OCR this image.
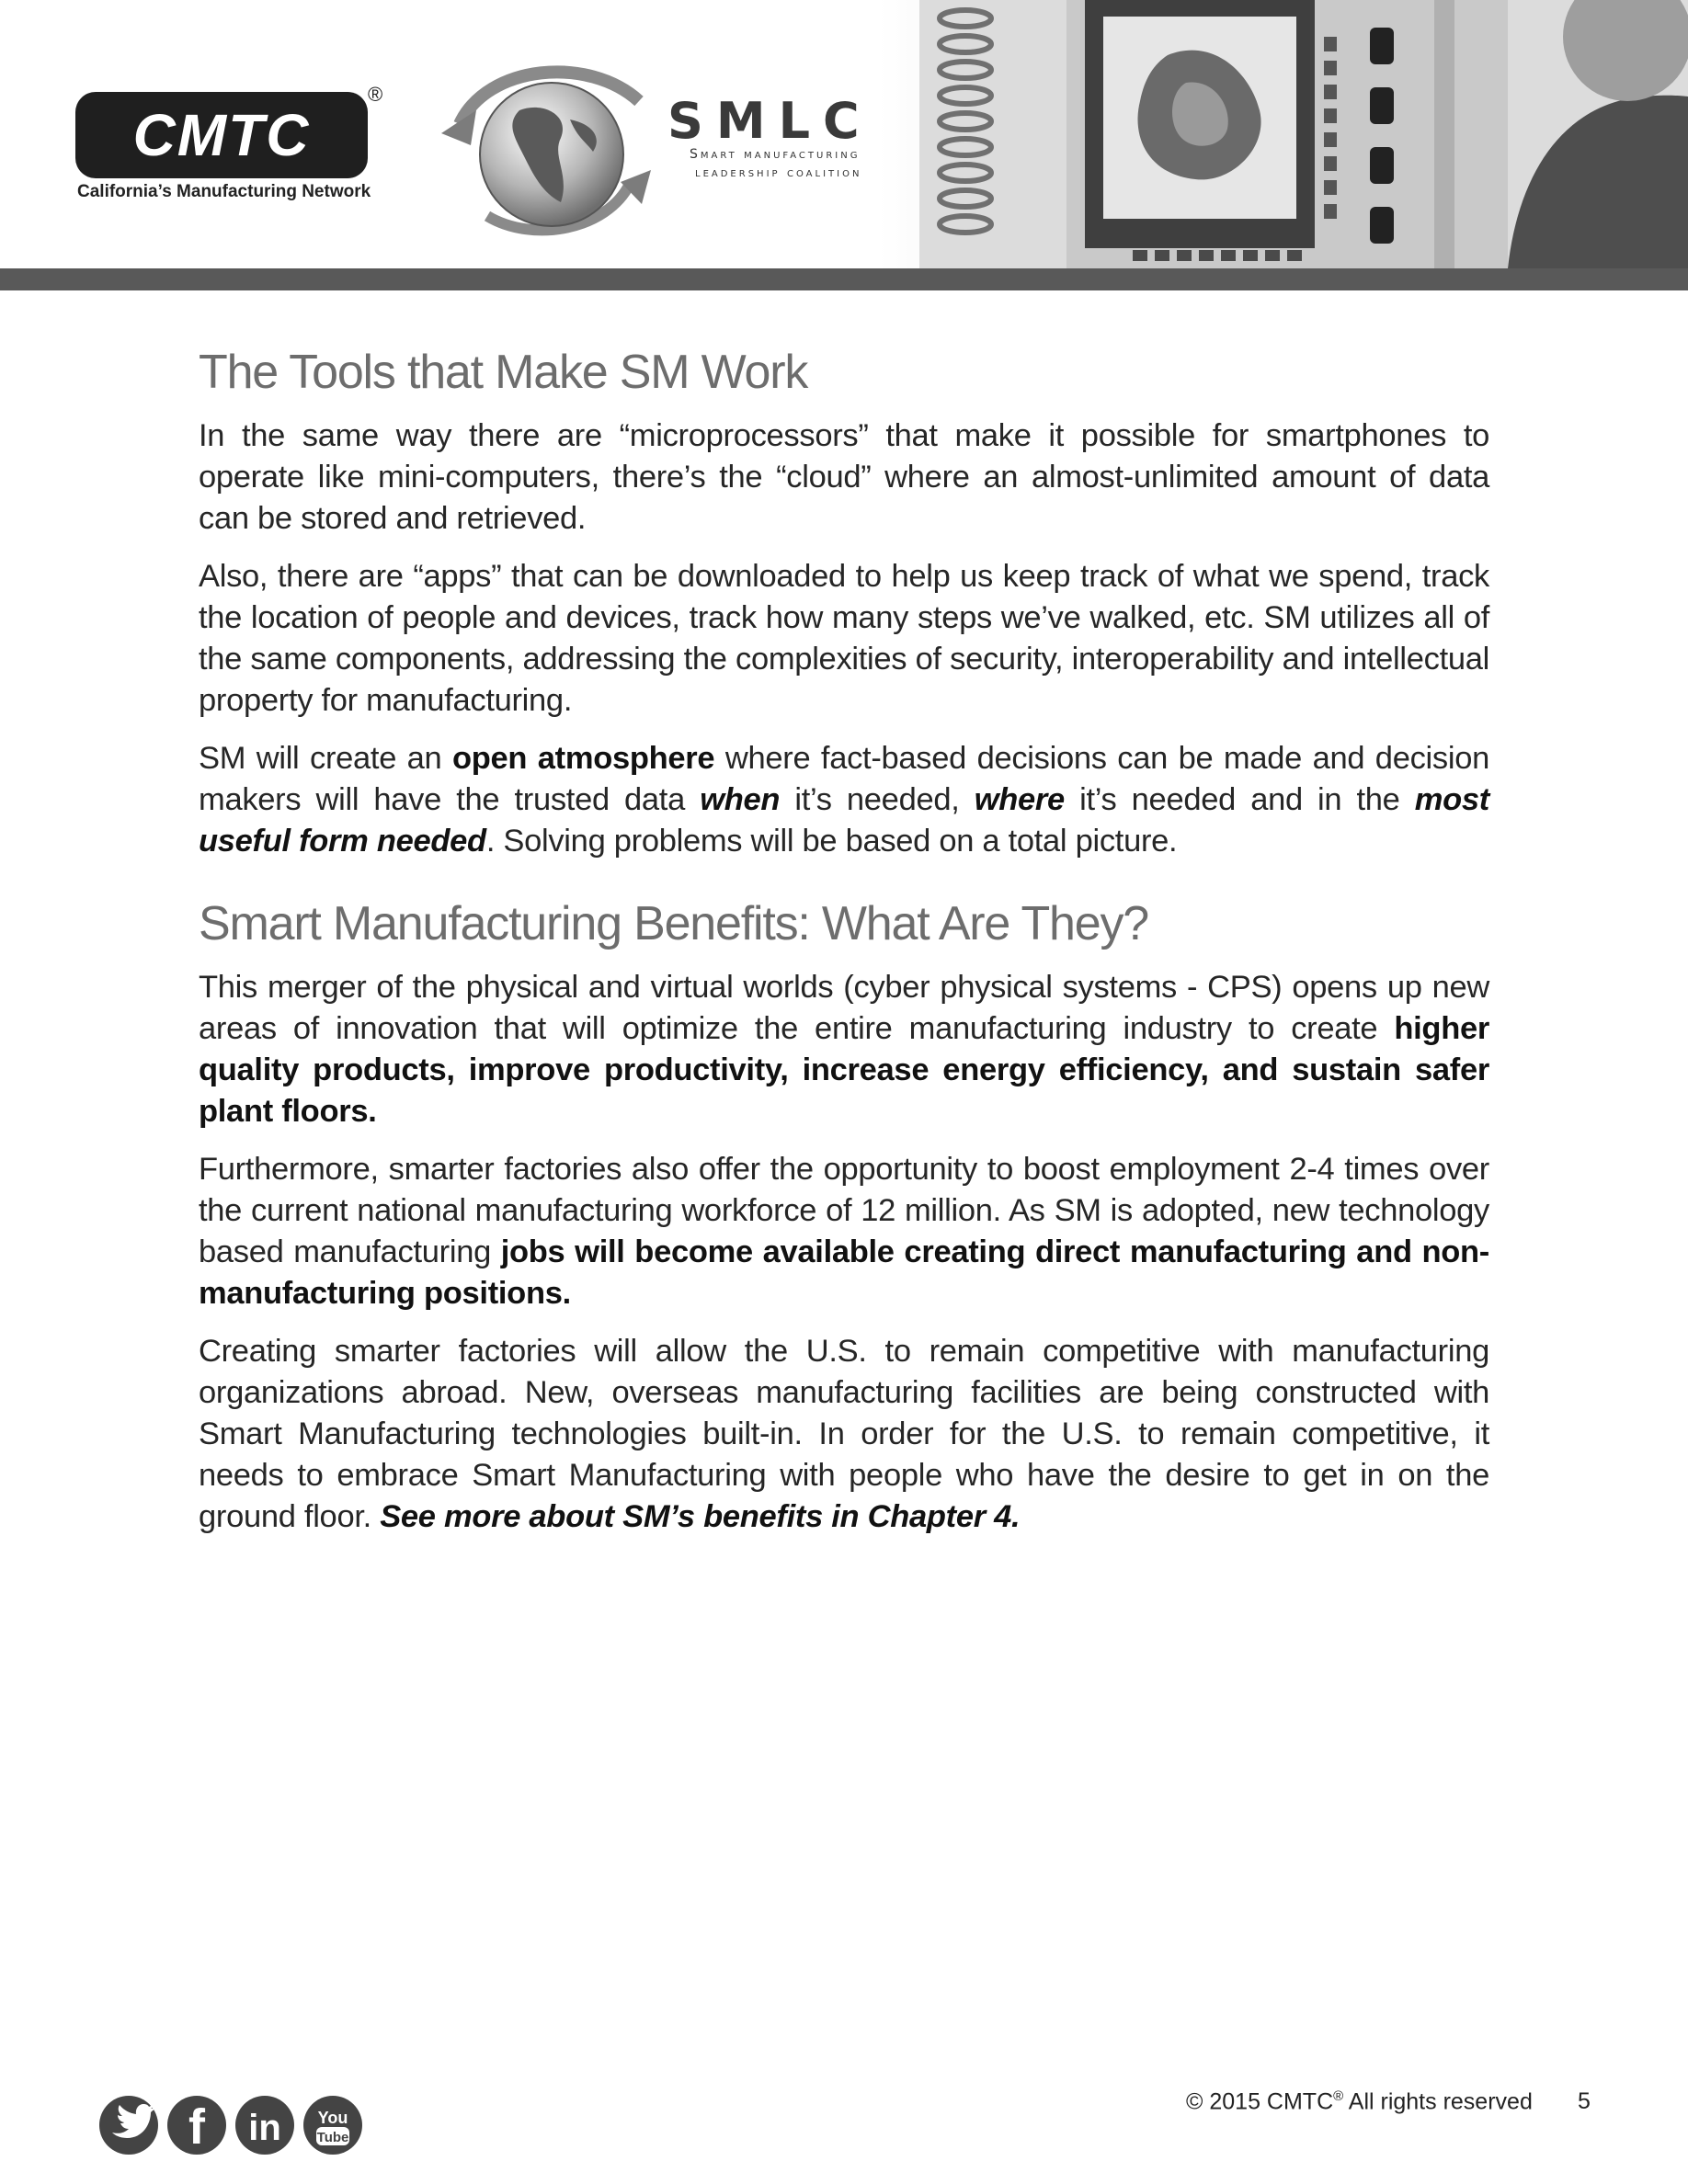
CMTC
®
California’s Manufacturing Network
SMLC
Smart manufacturing
leadership coalition
The Tools that Make SM Work

In the same way there are “microprocessors” that make it possible for smartphones to operate like mini-computers, there’s the “cloud” where an almost-unlimited amount of data can be stored and retrieved.

Also, there are “apps” that can be downloaded to help us keep track of what we spend, track the location of people and devices, track how many steps we’ve walked, etc. SM utilizes all of the same components, addressing the complexities of security, interoperability and intellectual property for manufacturing.

SM will create an open atmosphere where fact-based decisions can be made and decision makers will have the trusted data when it’s needed, where it’s needed and in the most useful form needed. Solving problems will be based on a total picture.

Smart Manufacturing Benefits: What Are They?

This merger of the physical and virtual worlds (cyber physical systems - CPS) opens up new areas of innovation that will optimize the entire manufacturing industry to create higher quality products, improve productivity, increase energy efficiency, and sustain safer plant floors.

Furthermore, smarter factories also offer the opportunity to boost employment 2-4 times over the current national manufacturing workforce of 12 million. As SM is adopted, new technology based manufacturing jobs will become available creating direct manufacturing and non-manufacturing positions.

Creating smarter factories will allow the U.S. to remain competitive with manufacturing organizations abroad. New, overseas manufacturing facilities are being constructed with Smart Manufacturing technologies built-in. In order for the U.S. to remain competitive, it needs to embrace Smart Manufacturing with people who have the desire to get in on the ground floor. See more about SM’s benefits in Chapter 4.

f in You
Tube
© 2015 CMTC® All rights reserved 5
